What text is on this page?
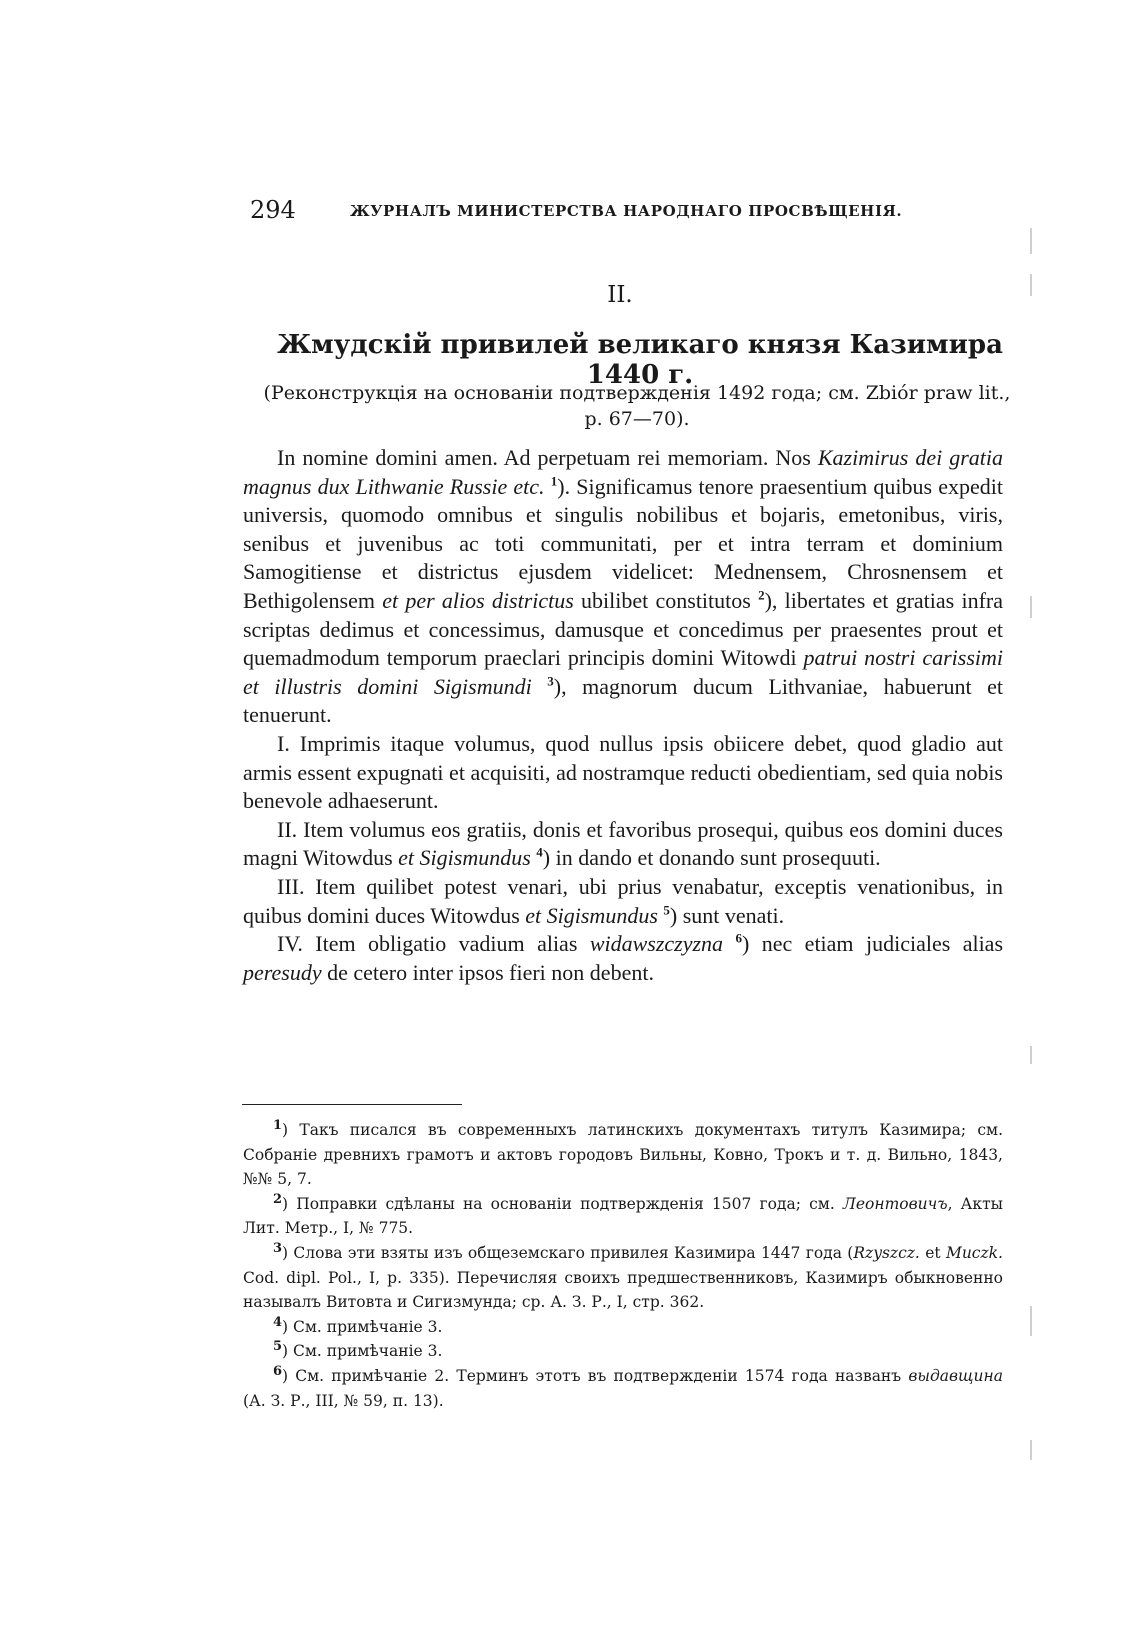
294	ЖУРНАЛЪ МИНИСТЕРСТВА НАРОДНАГО ПРОСВѢЩЕНІЯ.
II.
Жмудскій привилей великаго князя Казимира 1440 г.
(Реконструкція на основаніи подтвержденія 1492 года; см. Zbiór praw lit., p. 67—70).

In nomine domini amen. Ad perpetuam rei memoriam. Nos Kazimirus dei gratia magnus dux Lithwanie Russie etc. $^1$). Significamus tenore praesentium quibus expedit universis, quomodo omnibus et singulis nobilibus et bojaris, emetonibus, viris, senibus et juvenibus ac toti communitati, per et intra terram et dominium Samogitiense et districtus ejusdem videlicet: Mednensem, Chrosnensem et Bethigolensem et per alios districtus ubilibet constitutos $^2$), libertates et gratias infra scriptas dedimus et concessimus, damusque et concedimus per praesentes prout et quemadmodum temporum praeclari principis domini Witowdi patrui nostri carissimi et illustris domini Sigismundi $^3$), magnorum ducum Lithvaniae, habuerunt et tenuerunt.

I. Imprimis itaque volumus, quod nullus ipsis obiicere debet, quod gladio aut armis essent expugnati et acquisiti, ad nostramque reducti obedientiam, sed quia nobis benevole adhaeserunt.

II. Item volumus eos gratiis, donis et favoribus prosequi, quibus eos domini duces magni Witowdus et Sigismundus $^4$) in dando et donando sunt prosequuti.

III. Item quilibet potest venari, ubi prius venabatur, exceptis venationibus, in quibus domini duces Witowdus et Sigismundus $^5$) sunt venati.

IV. Item obligatio vadium alias widawszczyzna $^6$) nec etiam judiciales alias peresudy de cetero inter ipsos fieri non debent.

$^1$) Такъ писался въ современныхъ латинскихъ документахъ титулъ Казимира; см. Собраніе древнихъ грамотъ и актовъ городовъ Вильны, Ковно, Трокъ и т. д. Вильно, 1843, №№ 5, 7.

$^2$) Поправки сдѣланы на основаніи подтвержденія 1507 года; см. Леонтовичъ, Акты Лит. Метр., I, № 775.

$^3$) Слова эти взяты изъ общеземскаго привилея Казимира 1447 года (Rzyszcz. et Muczk. Cod. dipl. Pol., I, p. 335). Перечисляя своихъ предшественниковъ, Казимиръ обыкновенно называлъ Витовта и Сигизмунда; ср. А. З. Р., I, стр. 362.

$^4$) См. примѣчаніе 3.

$^5$) См. примѣчаніе 3.

$^6$) См. примѣчаніе 2. Терминъ этотъ въ подтвержденіи 1574 года названъ выдавщина (А. З. Р., III, № 59, п. 13).
